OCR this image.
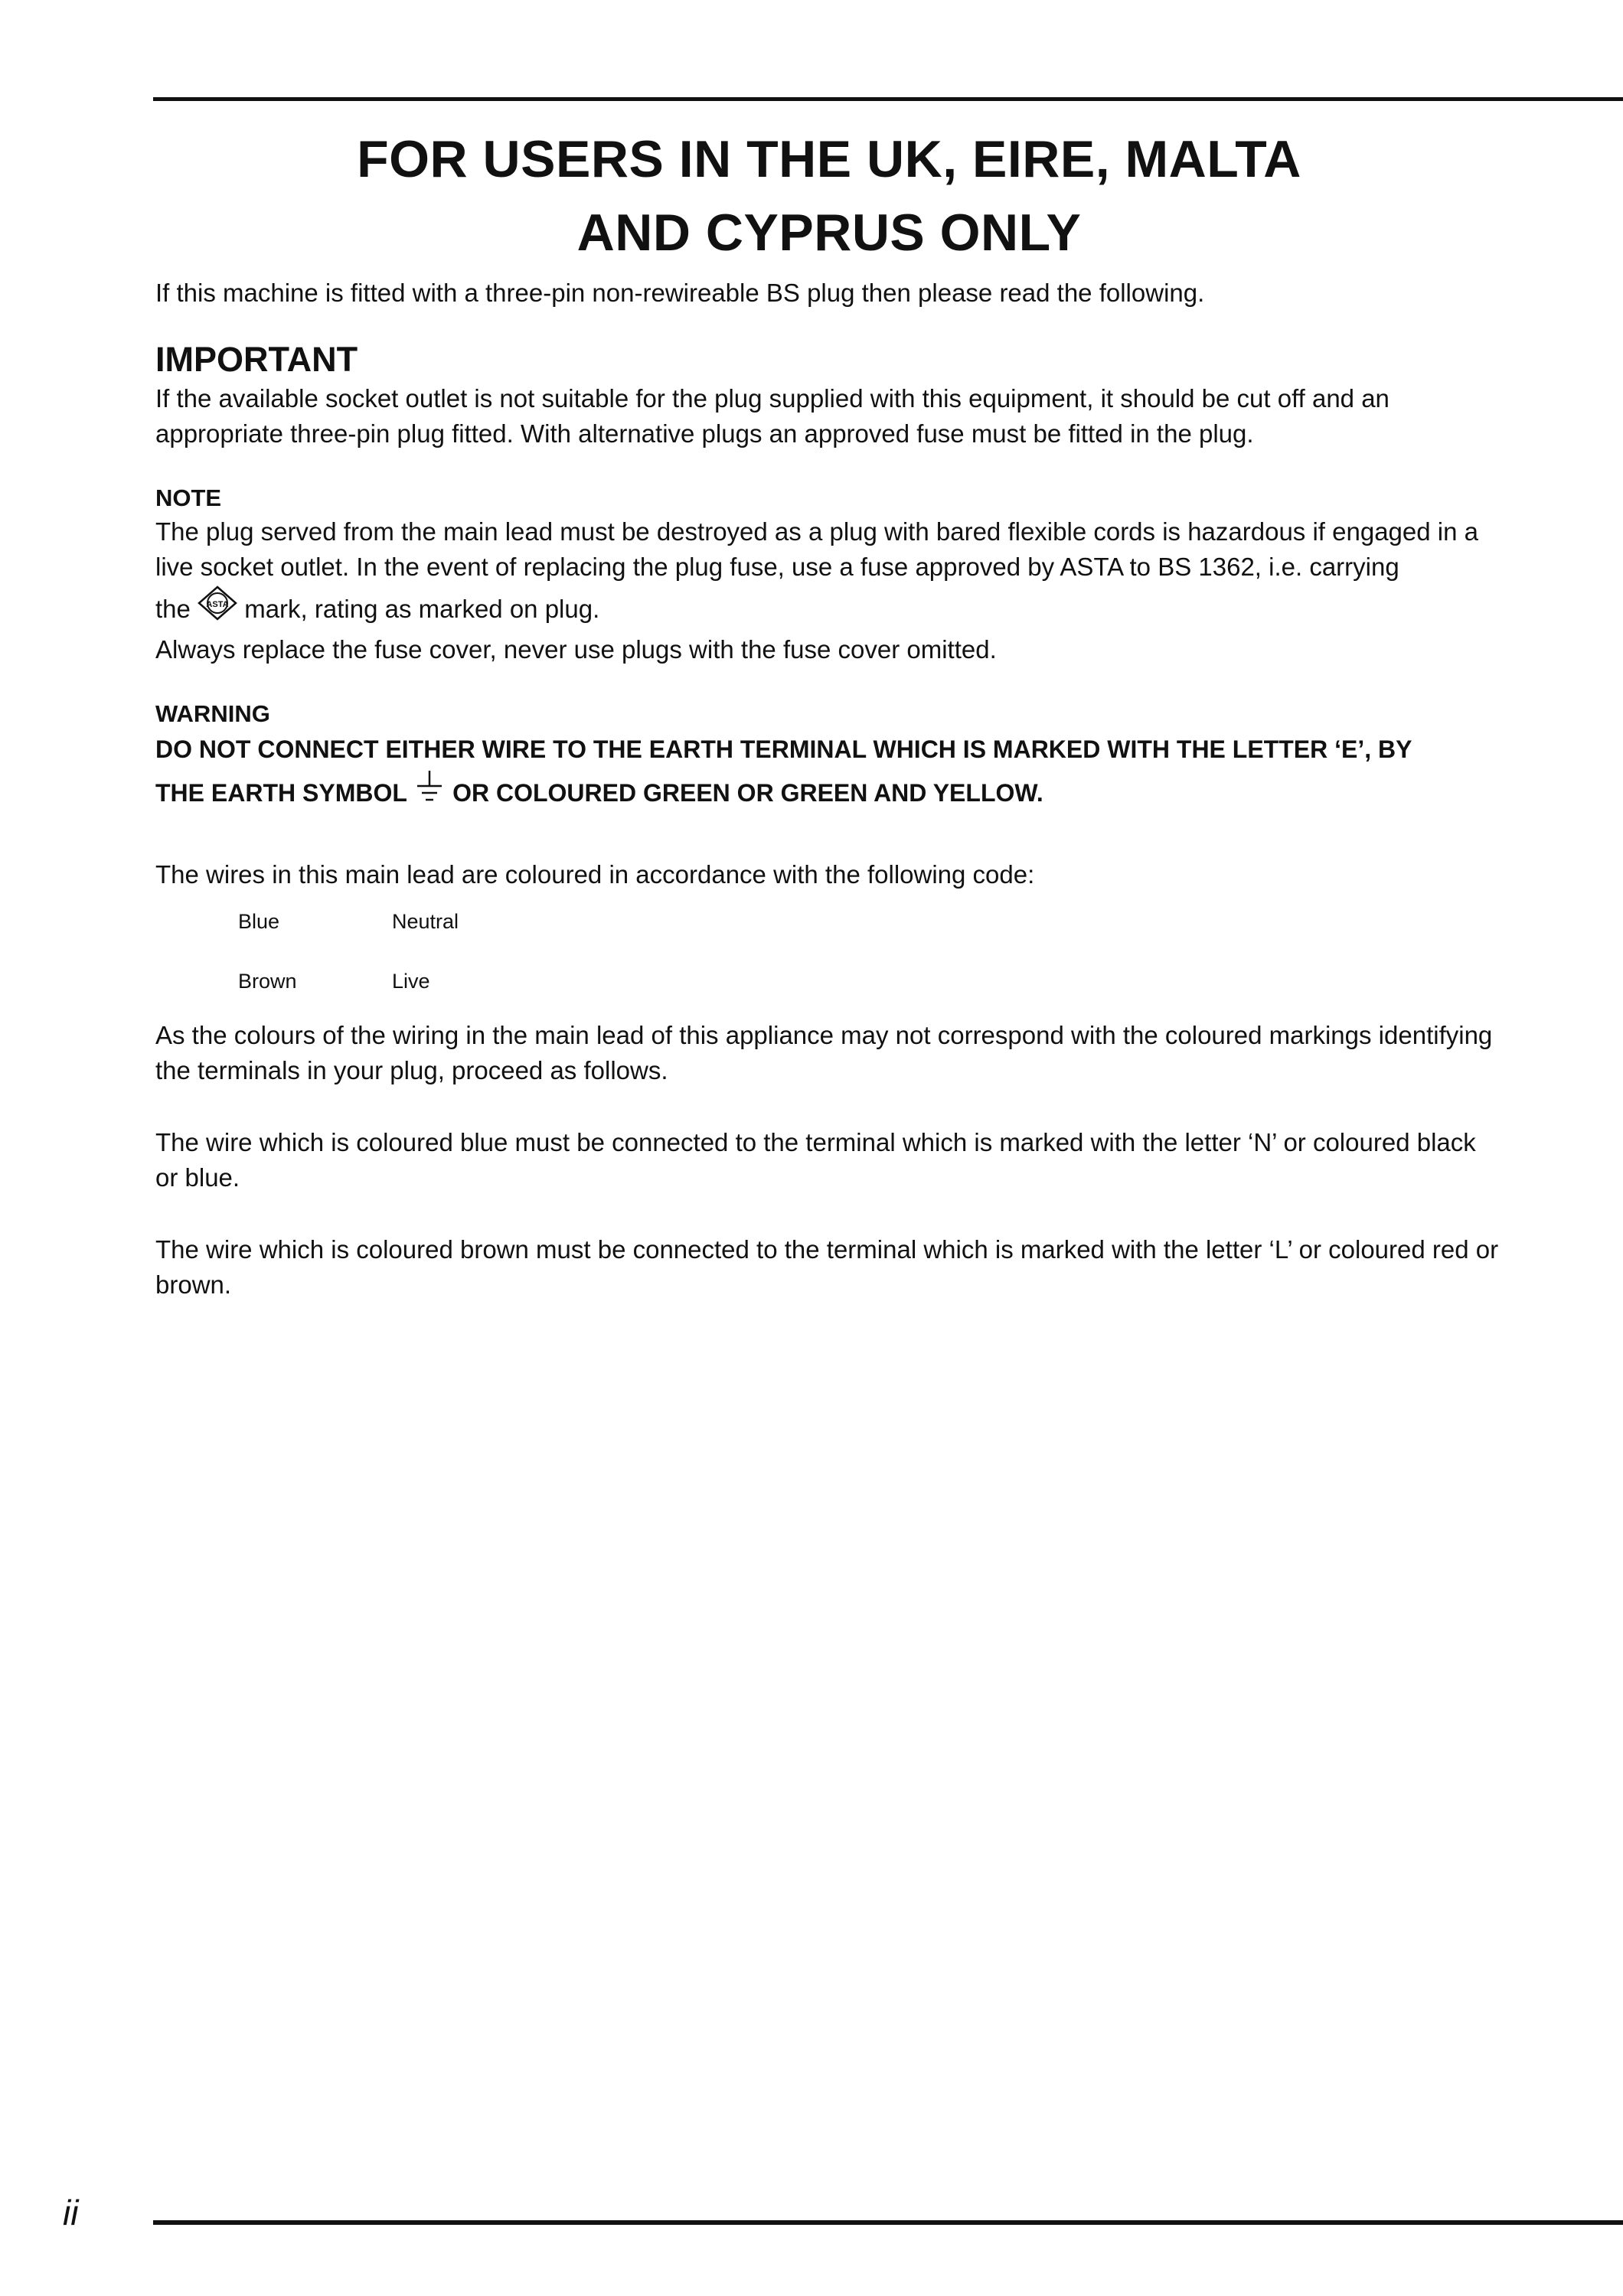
FOR USERS IN THE UK, EIRE, MALTA
AND CYPRUS ONLY

If this machine is fitted with a three-pin non-rewireable BS plug then please read the following.

IMPORTANT

If the available socket outlet is not suitable for the plug supplied with this equipment, it should be cut off and an appropriate three-pin plug fitted. With alternative plugs an approved fuse must be fitted in the plug.

NOTE

The plug served from the main lead must be destroyed as a plug with bared flexible cords is hazardous if engaged in a live socket outlet. In the event of replacing the plug fuse, use a fuse approved by ASTA to BS 1362, i.e. carrying

the ASTA mark, rating as marked on plug.

Always replace the fuse cover, never use plugs with the fuse cover omitted.

WARNING

DO NOT CONNECT EITHER WIRE TO THE EARTH TERMINAL WHICH IS MARKED WITH THE LETTER ‘E’, BY

THE EARTH SYMBOL OR COLOURED GREEN OR GREEN AND YELLOW.

The wires in this main lead are coloured in accordance with the following code:

Blue	Neutral
Brown	Live

As the colours of the wiring in the main lead of this appliance may not correspond with the coloured markings identifying the terminals in your plug, proceed as follows.

The wire which is coloured blue must be connected to the terminal which is marked with the letter ‘N’ or coloured black or blue.

The wire which is coloured brown must be connected to the terminal which is marked with the letter ‘L’ or coloured red or brown.

ii
